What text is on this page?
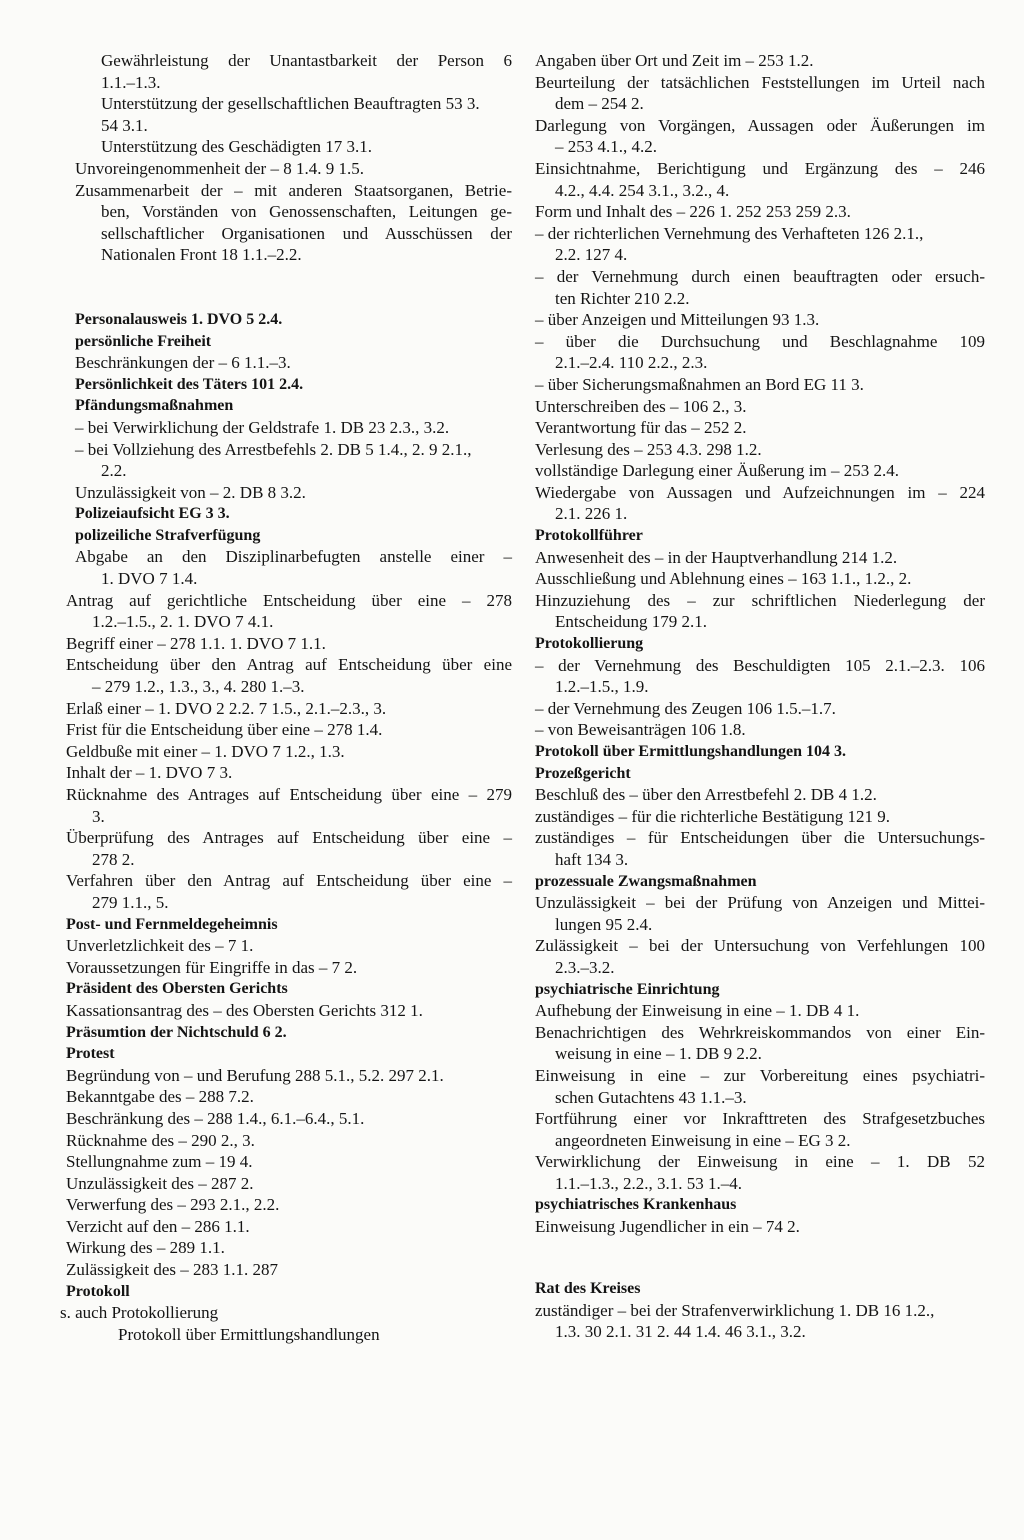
Gewährleistung der Unantastbarkeit der Person 6
1.1.–1.3.
Unterstützung der gesellschaftlichen Beauftragten 53 3.
54 3.1.
Unterstützung des Geschädigten 17 3.1.
Unvoreingenommenheit der – 8 1.4. 9 1.5.
Zusammenarbeit der – mit anderen Staatsorganen, Betrie-
ben, Vorständen von Genossenschaften, Leitungen ge-
sellschaftlicher Organisationen und Ausschüssen der
Nationalen Front 18 1.1.–2.2.
Personalausweis 1. DVO 5 2.4.
persönliche Freiheit
Beschränkungen der – 6 1.1.–3.
Persönlichkeit des Täters 101 2.4.
Pfändungsmaßnahmen
– bei Verwirklichung der Geldstrafe 1. DB 23 2.3., 3.2.
– bei Vollziehung des Arrestbefehls 2. DB 5 1.4., 2. 9 2.1.,
2.2.
Unzulässigkeit von – 2. DB 8 3.2.
Polizeiaufsicht EG 3 3.
polizeiliche Strafverfügung
Abgabe an den Disziplinarbefugten anstelle einer –
1. DVO 7 1.4.
Antrag auf gerichtliche Entscheidung über eine – 278
1.2.–1.5., 2. 1. DVO 7 4.1.
Begriff einer – 278 1.1. 1. DVO 7 1.1.
Entscheidung über den Antrag auf Entscheidung über eine
– 279 1.2., 1.3., 3., 4. 280 1.–3.
Erlaß einer – 1. DVO 2 2.2. 7 1.5., 2.1.–2.3., 3.
Frist für die Entscheidung über eine – 278 1.4.
Geldbuße mit einer – 1. DVO 7 1.2., 1.3.
Inhalt der – 1. DVO 7 3.
Rücknahme des Antrages auf Entscheidung über eine – 279
3.
Überprüfung des Antrages auf Entscheidung über eine –
278 2.
Verfahren über den Antrag auf Entscheidung über eine –
279 1.1., 5.
Post- und Fernmeldegeheimnis
Unverletzlichkeit des – 7 1.
Voraussetzungen für Eingriffe in das – 7 2.
Präsident des Obersten Gerichts
Kassationsantrag des – des Obersten Gerichts 312 1.
Präsumtion der Nichtschuld 6 2.
Protest
Begründung von – und Berufung 288 5.1., 5.2. 297 2.1.
Bekanntgabe des – 288 7.2.
Beschränkung des – 288 1.4., 6.1.–6.4., 5.1.
Rücknahme des – 290 2., 3.
Stellungnahme zum – 19 4.
Unzulässigkeit des – 287 2.
Verwerfung des – 293 2.1., 2.2.
Verzicht auf den – 286 1.1.
Wirkung des – 289 1.1.
Zulässigkeit des – 283 1.1. 287
Protokoll
s. auch Protokollierung
Protokoll über Ermittlungshandlungen
Angaben über Ort und Zeit im – 253 1.2.
Beurteilung der tatsächlichen Feststellungen im Urteil nach
dem – 254 2.
Darlegung von Vorgängen, Aussagen oder Äußerungen im
– 253 4.1., 4.2.
Einsichtnahme, Berichtigung und Ergänzung des – 246
4.2., 4.4. 254 3.1., 3.2., 4.
Form und Inhalt des – 226 1. 252 253 259 2.3.
– der richterlichen Vernehmung des Verhafteten 126 2.1.,
2.2. 127 4.
– der Vernehmung durch einen beauftragten oder ersuch-
ten Richter 210 2.2.
– über Anzeigen und Mitteilungen 93 1.3.
– über die Durchsuchung und Beschlagnahme 109
2.1.–2.4. 110 2.2., 2.3.
– über Sicherungsmaßnahmen an Bord EG 11 3.
Unterschreiben des – 106 2., 3.
Verantwortung für das – 252 2.
Verlesung des – 253 4.3. 298 1.2.
vollständige Darlegung einer Äußerung im – 253 2.4.
Wiedergabe von Aussagen und Aufzeichnungen im – 224
2.1. 226 1.
Protokollführer
Anwesenheit des – in der Hauptverhandlung 214 1.2.
Ausschließung und Ablehnung eines – 163 1.1., 1.2., 2.
Hinzuziehung des – zur schriftlichen Niederlegung der
Entscheidung 179 2.1.
Protokollierung
– der Vernehmung des Beschuldigten 105 2.1.–2.3. 106
1.2.–1.5., 1.9.
– der Vernehmung des Zeugen 106 1.5.–1.7.
– von Beweisanträgen 106 1.8.
Protokoll über Ermittlungshandlungen 104 3.
Prozeßgericht
Beschluß des – über den Arrestbefehl 2. DB 4 1.2.
zuständiges – für die richterliche Bestätigung 121 9.
zuständiges – für Entscheidungen über die Untersuchungs-
haft 134 3.
prozessuale Zwangsmaßnahmen
Unzulässigkeit – bei der Prüfung von Anzeigen und Mittei-
lungen 95 2.4.
Zulässigkeit – bei der Untersuchung von Verfehlungen 100
2.3.–3.2.
psychiatrische Einrichtung
Aufhebung der Einweisung in eine – 1. DB 4 1.
Benachrichtigen des Wehrkreiskommandos von einer Ein-
weisung in eine – 1. DB 9 2.2.
Einweisung in eine – zur Vorbereitung eines psychiatri-
schen Gutachtens 43 1.1.–3.
Fortführung einer vor Inkrafttreten des Strafgesetzbuches
angeordneten Einweisung in eine – EG 3 2.
Verwirklichung der Einweisung in eine – 1. DB 52
1.1.–1.3., 2.2., 3.1. 53 1.–4.
psychiatrisches Krankenhaus
Einweisung Jugendlicher in ein – 74 2.
Rat des Kreises
zuständiger – bei der Strafenverwirklichung 1. DB 16 1.2.,
1.3. 30 2.1. 31 2. 44 1.4. 46 3.1., 3.2.
